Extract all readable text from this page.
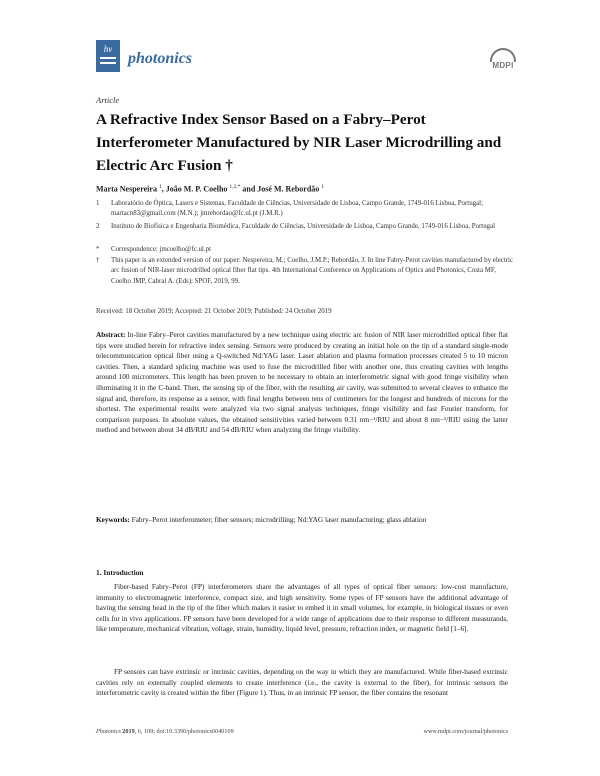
hv
photonics	MDPI
Article
A Refractive Index Sensor Based on a Fabry–Perot Interferometer Manufactured by NIR Laser Microdrilling and Electric Arc Fusion †
Marta Nespereira $^1$, João M. P. Coelho $^{1,2,*}$ and José M. Rebordão $^1$
1	Laboratório de Óptica, Lasers e Sistemas, Faculdade de Ciências, Universidade de Lisboa, Campo Grande, 1749-016 Lisboa, Portugal; martacn83@gmail.com (M.N.); jmrebordao@fc.ul.pt (J.M.R.)
2	Instituto de Biofísica e Engenharia Biomédica, Faculdade de Ciências, Universidade de Lisboa, Campo Grande, 1749-016 Lisboa, Portugal
*	Correspondence: jmcoelho@fc.ul.pt
†	This paper is an extended version of our paper: Nespereira, M.; Coelho, J.M.P.; Rebordão, J. In line Fabry-Perot cavities manufactured by electric arc fusion of NIR-laser microdrilled optical fiber flat tips. 4th International Conference on Applications of Optics and Photonics, Costa MF, Coelho JMP, Cabral A. (Eds); SPOF, 2019, 99.
Received: 18 October 2019; Accepted: 21 October 2019; Published: 24 October 2019
Abstract: In-line Fabry–Perot cavities manufactured by a new technique using electric arc fusion of NIR laser microdrilled optical fiber flat tips were studied herein for refractive index sensing. Sensors were produced by creating an initial hole on the tip of a standard single-mode telecommunication optical fiber using a Q-switched Nd:YAG laser. Laser ablation and plasma formation processes created 5 to 10 micron cavities. Then, a standard splicing machine was used to fuse the microdrilled fiber with another one, thus creating cavities with lengths around 100 micrometers. This length has been proven to be necessary to obtain an interferometric signal with good fringe visibility when illuminating it in the C-band. Then, the sensing tip of the fiber, with the resulting air cavity, was submitted to several cleaves to enhance the signal and, therefore, its response as a sensor, with final lengths between tens of centimeters for the longest and hundreds of microns for the shortest. The experimental results were analyzed via two signal analysis techniques, fringe visibility and fast Fourier transform, for comparison purposes. In absolute values, the obtained sensitivities varied between 0.31 nm−¹/RIU and about 8 nm−¹/RIU using the latter method and between about 34 dB/RIU and 54 dB/RIU when analyzing the fringe visibility.
Keywords: Fabry–Perot interferometer; fiber sensors; microdrilling; Nd:YAG laser manufacturing; glass ablation
1. Introduction
Fiber-based Fabry–Perot (FP) interferometers share the advantages of all types of optical fiber sensors: low-cost manufacture, immunity to electromagnetic interference, compact size, and high sensitivity. Some types of FP sensors have the additional advantage of having the sensing head in the tip of the fiber which makes it easier to embed it in small volumes, for example, in biological tissues or even cells for in vivo applications. FP sensors have been developed for a wide range of applications due to their response to different measurands, like temperature, mechanical vibration, voltage, strain, humidity, liquid level, pressure, refraction index, or magnetic field [1–6].
FP sensors can have extrinsic or intrinsic cavities, depending on the way in which they are manufactured. While fiber-based extrinsic cavities rely on externally coupled elements to create interference (i.e., the cavity is external to the fiber), for intrinsic sensors the interferometric cavity is created within the fiber (Figure 1). Thus, in an intrinsic FP sensor, the fiber contains the resonant
Photonics 2019, 6, 109; doi:10.3390/photonics6040109	www.mdpi.com/journal/photonics
